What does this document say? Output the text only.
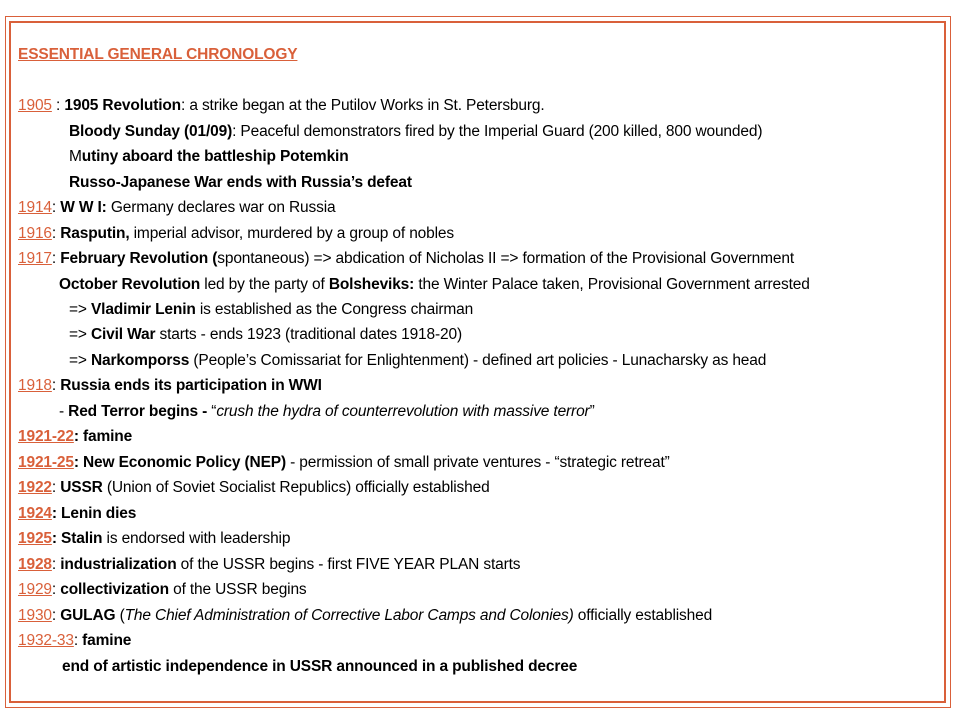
ESSENTIAL GENERAL CHRONOLOGY
1905 : 1905 Revolution: a strike began at the Putilov Works in St. Petersburg.
Bloody Sunday (01/09): Peaceful demonstrators fired by the Imperial Guard (200 killed, 800 wounded)
Mutiny aboard the battleship Potemkin
Russo-Japanese War ends with Russia’s defeat
1914: W W I: Germany declares war on Russia
1916: Rasputin, imperial advisor, murdered by a group of nobles
1917: February Revolution (spontaneous) => abdication of Nicholas II => formation of the Provisional Government
October Revolution led by the party of Bolsheviks: the Winter Palace taken, Provisional Government arrested
=> Vladimir Lenin is established as the Congress chairman
=> Civil War starts - ends 1923 (traditional dates 1918-20)
=> Narkomporss (People’s Comissariat for Enlightenment) - defined art policies - Lunacharsky as head
1918: Russia ends its participation in WWI
- Red Terror begins - “crush the hydra of counterrevolution with massive terror”
1921-22: famine
1921-25: New Economic Policy (NEP) - permission of small private ventures - “strategic retreat”
1922: USSR (Union of Soviet Socialist Republics) officially established
1924: Lenin dies
1925: Stalin is endorsed with leadership
1928: industrialization of the USSR begins - first FIVE YEAR PLAN starts
1929: collectivization of the USSR begins
1930: GULAG (The Chief Administration of Corrective Labor Camps and Colonies) officially established
1932-33: famine
end of artistic independence in USSR announced in a published decree
